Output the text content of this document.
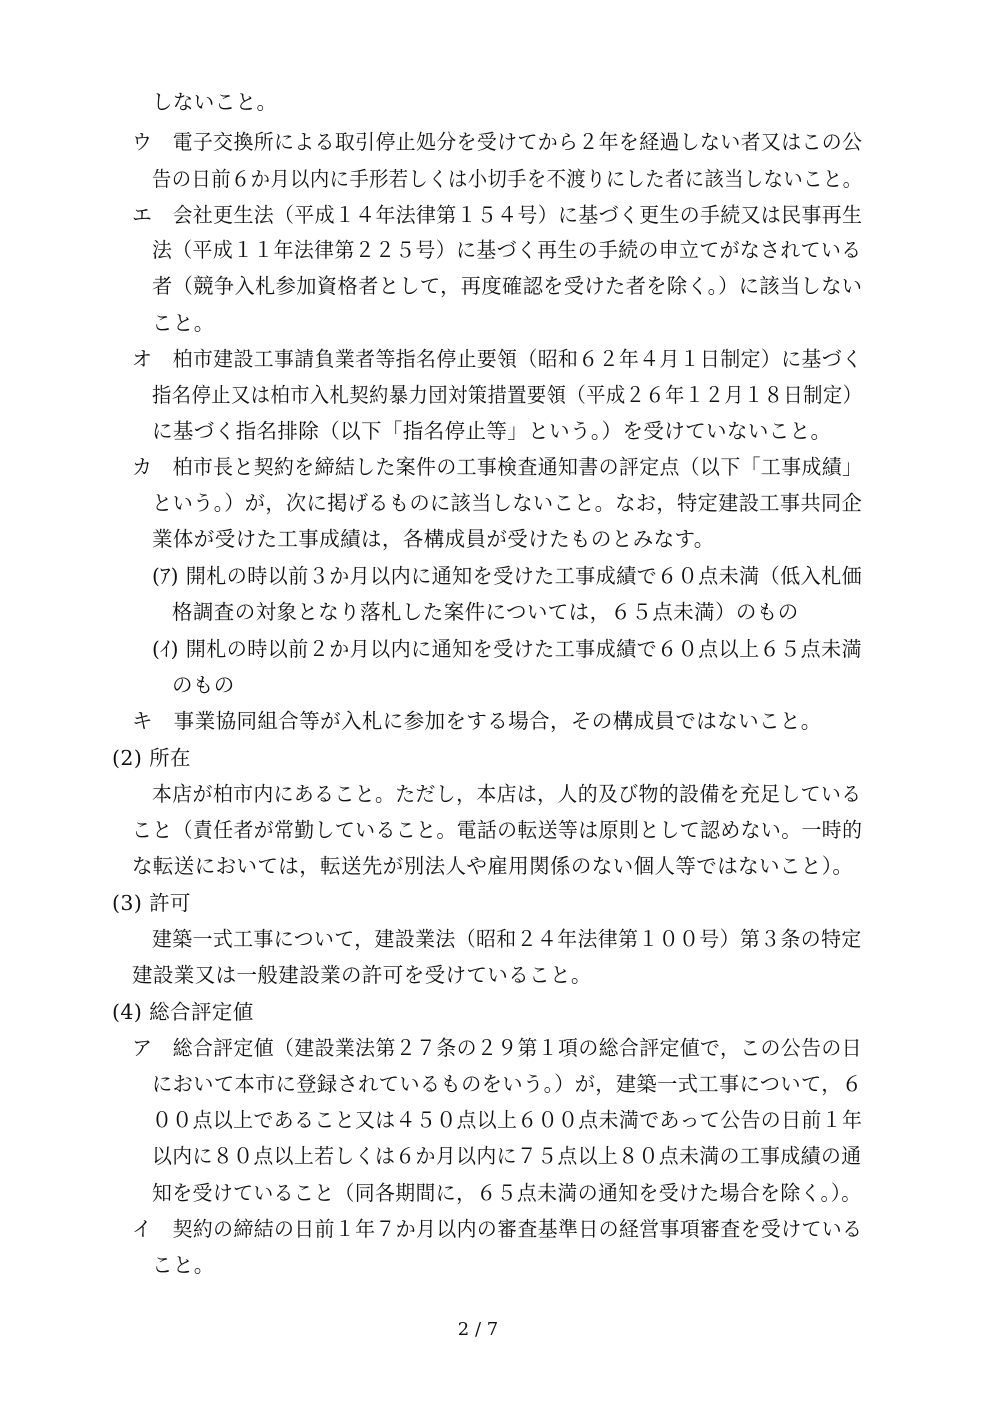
しないこと。
ウ　電子交換所による取引停止処分を受けてから２年を経過しない者又はこの公
告の日前６か月以内に手形若しくは小切手を不渡りにした者に該当しないこと。
エ　会社更生法（平成１４年法律第１５４号）に基づく更生の手続又は民事再生
法（平成１１年法律第２２５号）に基づく再生の手続の申立てがなされている
者（競争入札参加資格者として，再度確認を受けた者を除く。）に該当しない
こと。
オ　柏市建設工事請負業者等指名停止要領（昭和６２年４月１日制定）に基づく
指名停止又は柏市入札契約暴力団対策措置要領（平成２６年１２月１８日制定）
に基づく指名排除（以下「指名停止等」という。）を受けていないこと。
カ　柏市長と契約を締結した案件の工事検査通知書の評定点（以下「工事成績」
という。）が，次に掲げるものに該当しないこと。なお，特定建設工事共同企
業体が受けた工事成績は，各構成員が受けたものとみなす。
(ｱ) 開札の時以前３か月以内に通知を受けた工事成績で６０点未満（低入札価
格調査の対象となり落札した案件については，６５点未満）のもの
(ｲ) 開札の時以前２か月以内に通知を受けた工事成績で６０点以上６５点未満
のもの
キ　事業協同組合等が入札に参加をする場合，その構成員ではないこと。
(2) 所在
本店が柏市内にあること。ただし，本店は，人的及び物的設備を充足している
こと（責任者が常勤していること。電話の転送等は原則として認めない。一時的
な転送においては，転送先が別法人や雇用関係のない個人等ではないこと）。
(3) 許可
建築一式工事について，建設業法（昭和２４年法律第１００号）第３条の特定
建設業又は一般建設業の許可を受けていること。
(4) 総合評定値
ア　総合評定値（建設業法第２７条の２９第１項の総合評定値で，この公告の日
において本市に登録されているものをいう。）が，建築一式工事について，６
００点以上であること又は４５０点以上６００点未満であって公告の日前１年
以内に８０点以上若しくは６か月以内に７５点以上８０点未満の工事成績の通
知を受けていること（同各期間に，６５点未満の通知を受けた場合を除く。）。
イ　契約の締結の日前１年７か月以内の審査基準日の経営事項審査を受けている
こと。
2 / 7
